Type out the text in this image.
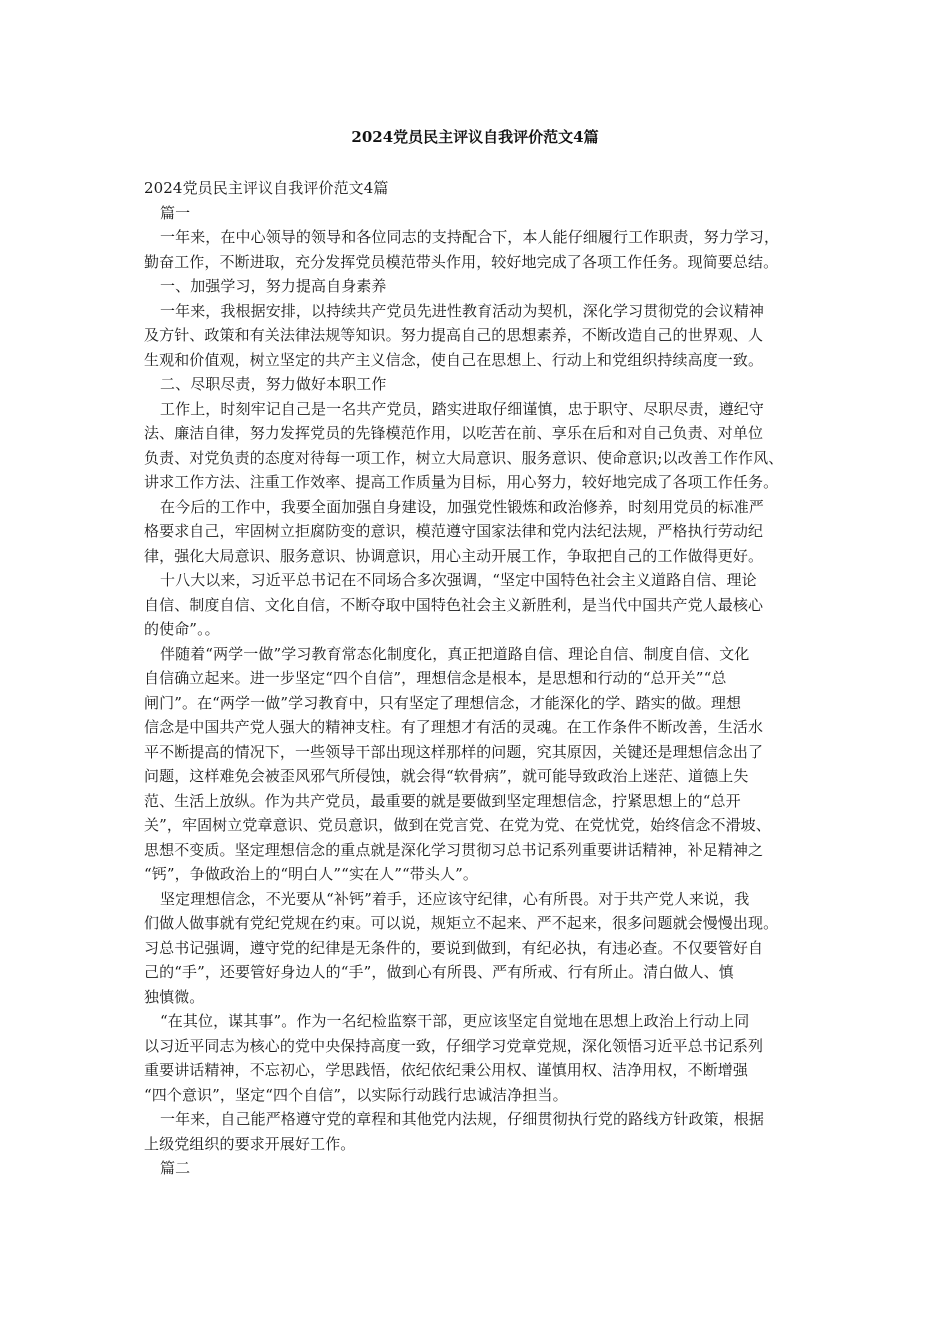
2024党员民主评议自我评价范文4篇

2024党员民主评议自我评价范文4篇

篇一

一年来，在中心领导的领导和各位同志的支持配合下，本人能仔细履行工作职责，努力学习，

勤奋工作，不断进取，充分发挥党员模范带头作用，较好地完成了各项工作任务。现简要总结。

一、加强学习，努力提高自身素养

一年来，我根据安排，以持续共产党员先进性教育活动为契机，深化学习贯彻党的会议精神

及方针、政策和有关法律法规等知识。努力提高自己的思想素养，不断改造自己的世界观、人

生观和价值观，树立坚定的共产主义信念，使自己在思想上、行动上和党组织持续高度一致。

二、尽职尽责，努力做好本职工作

工作上，时刻牢记自己是一名共产党员，踏实进取仔细谨慎，忠于职守、尽职尽责，遵纪守

法、廉洁自律，努力发挥党员的先锋模范作用，以吃苦在前、享乐在后和对自己负责、对单位

负责、对党负责的态度对待每一项工作，树立大局意识、服务意识、使命意识;以改善工作作风、

讲求工作方法、注重工作效率、提高工作质量为目标，用心努力，较好地完成了各项工作任务。

在今后的工作中，我要全面加强自身建设，加强党性锻炼和政治修养，时刻用党员的标准严

格要求自己，牢固树立拒腐防变的意识，模范遵守国家法律和党内法纪法规，严格执行劳动纪

律，强化大局意识、服务意识、协调意识，用心主动开展工作，争取把自己的工作做得更好。

十八大以来，习近平总书记在不同场合多次强调，“坚定中国特色社会主义道路自信、理论

自信、制度自信、文化自信，不断夺取中国特色社会主义新胜利，是当代中国共产党人最核心

的使命”。。

伴随着“两学一做”学习教育常态化制度化，真正把道路自信、理论自信、制度自信、文化

自信确立起来。进一步坚定“四个自信”，理想信念是根本，是思想和行动的“总开关”“总

闸门”。在“两学一做”学习教育中，只有坚定了理想信念，才能深化的学、踏实的做。理想

信念是中国共产党人强大的精神支柱。有了理想才有活的灵魂。在工作条件不断改善，生活水

平不断提高的情况下，一些领导干部出现这样那样的问题，究其原因，关键还是理想信念出了

问题，这样难免会被歪风邪气所侵蚀，就会得“软骨病”，就可能导致政治上迷茫、道德上失

范、生活上放纵。作为共产党员，最重要的就是要做到坚定理想信念，拧紧思想上的“总开

关”，牢固树立党章意识、党员意识，做到在党言党、在党为党、在党忧党，始终信念不滑坡、

思想不变质。坚定理想信念的重点就是深化学习贯彻习总书记系列重要讲话精神，补足精神之

“钙”，争做政治上的“明白人”“实在人”“带头人”。

坚定理想信念，不光要从“补钙”着手，还应该守纪律，心有所畏。对于共产党人来说，我

们做人做事就有党纪党规在约束。可以说，规矩立不起来、严不起来，很多问题就会慢慢出现。

习总书记强调，遵守党的纪律是无条件的，要说到做到，有纪必执，有违必查。不仅要管好自

己的“手”，还要管好身边人的“手”，做到心有所畏、严有所戒、行有所止。清白做人、慎

独慎微。

“在其位，谋其事”。作为一名纪检监察干部，更应该坚定自觉地在思想上政治上行动上同

以习近平同志为核心的党中央保持高度一致，仔细学习党章党规，深化领悟习近平总书记系列

重要讲话精神，不忘初心，学思践悟，依纪依纪秉公用权、谨慎用权、洁净用权，不断增强

“四个意识”，坚定“四个自信”，以实际行动践行忠诚洁净担当。

一年来，自己能严格遵守党的章程和其他党内法规，仔细贯彻执行党的路线方针政策，根据

上级党组织的要求开展好工作。

篇二
